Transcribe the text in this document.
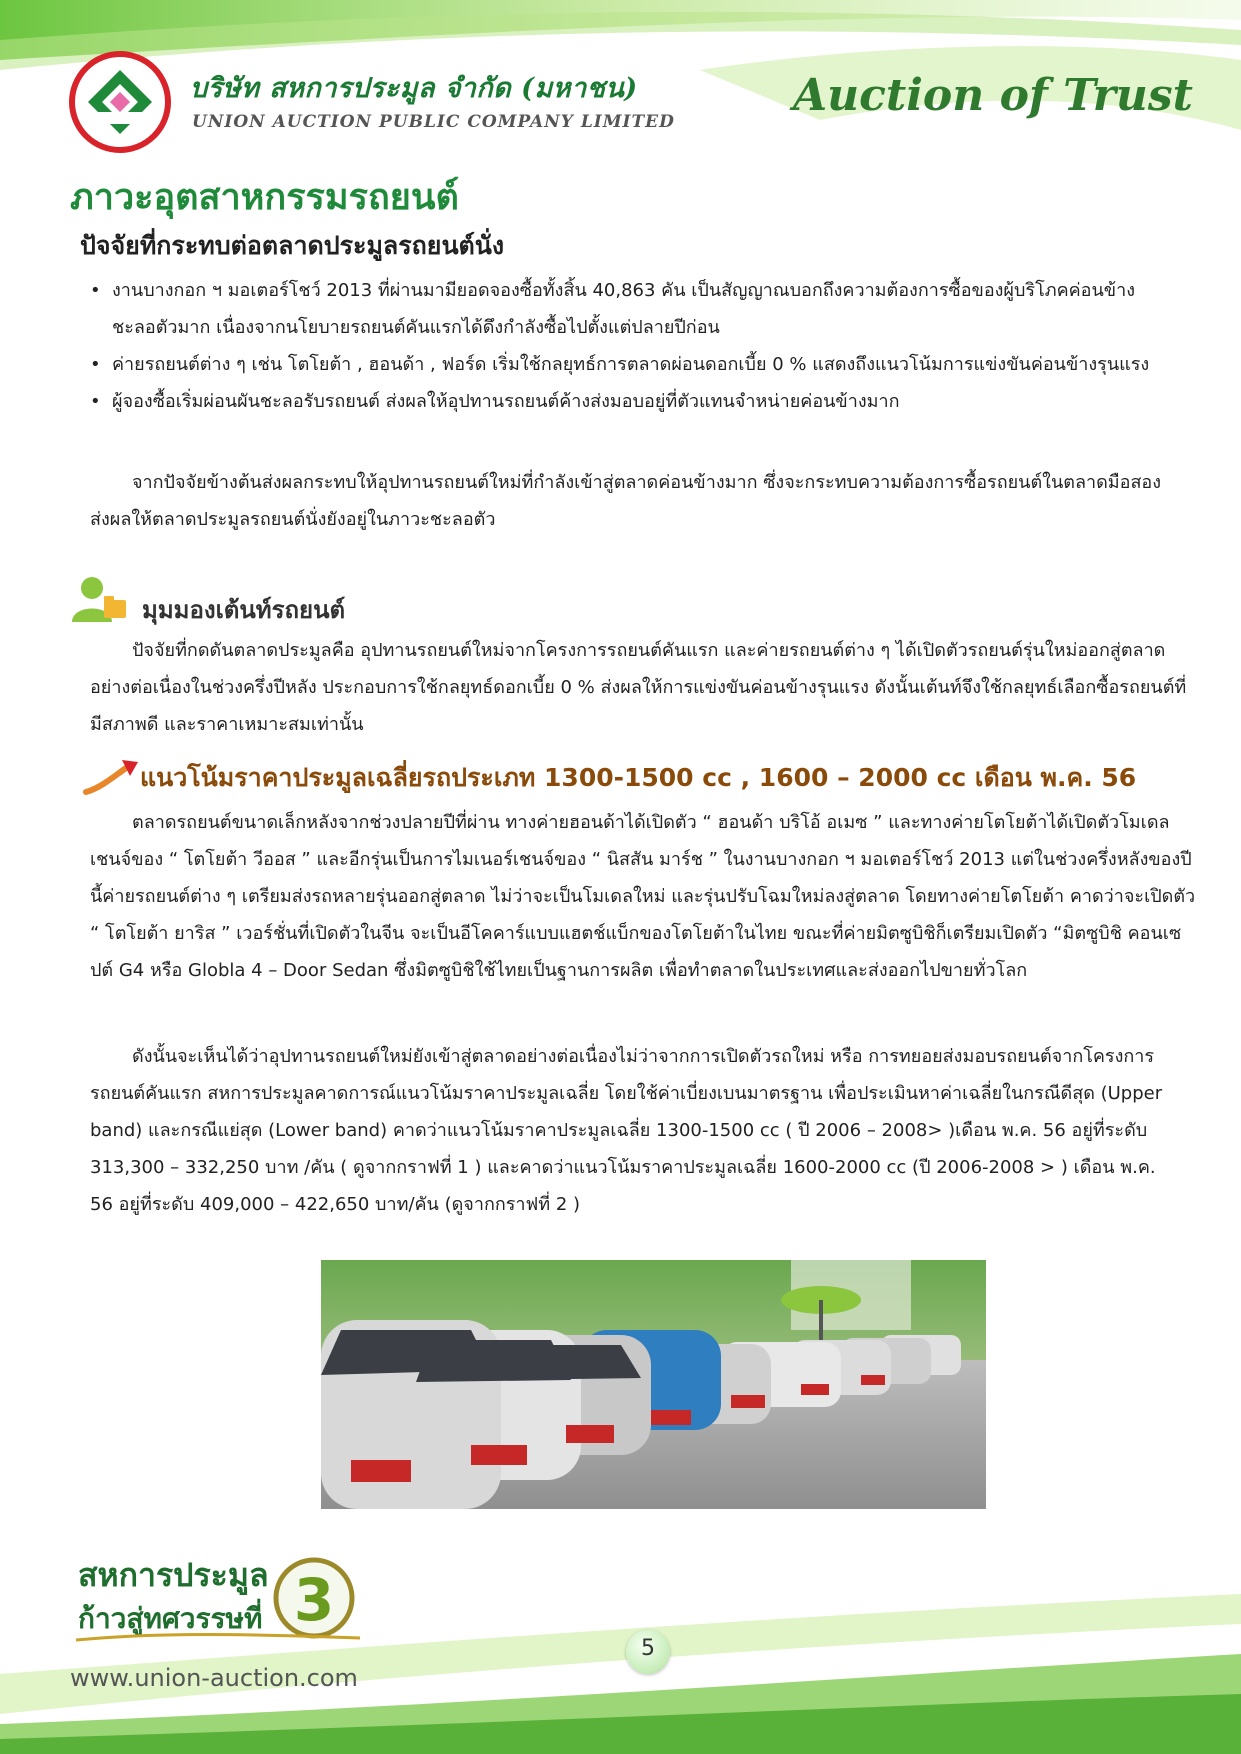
บริษัท สหการประมูล จำกัด (มหาชน)
UNION AUCTION PUBLIC COMPANY LIMITED
Auction of Trust
ภาวะอุตสาหกรรมรถยนต์
ปัจจัยที่กระทบต่อตลาดประมูลรถยนต์นั่ง
• งานบางกอก ฯ มอเตอร์โชว์ 2013 ที่ผ่านมามียอดจองซื้อทั้งสิ้น 40,863 คัน เป็นสัญญาณบอกถึงความต้องการซื้อของผู้บริโภคค่อนข้างชะลอตัวมาก เนื่องจากนโยบายรถยนต์คันแรกได้ดึงกำลังซื้อไปตั้งแต่ปลายปีก่อน
• ค่ายรถยนต์ต่าง ๆ เช่น โตโยต้า , ฮอนด้า , ฟอร์ด เริ่มใช้กลยุทธ์การตลาดผ่อนดอกเบี้ย 0 % แสดงถึงแนวโน้มการแข่งขันค่อนข้างรุนแรง
• ผู้จองซื้อเริ่มผ่อนผันชะลอรับรถยนต์ ส่งผลให้อุปทานรถยนต์ค้างส่งมอบอยู่ที่ตัวแทนจำหน่ายค่อนข้างมาก
จากปัจจัยข้างต้นส่งผลกระทบให้อุปทานรถยนต์ใหม่ที่กำลังเข้าสู่ตลาดค่อนข้างมาก ซึ่งจะกระทบความต้องการซื้อรถยนต์ในตลาดมือสอง ส่งผลให้ตลาดประมูลรถยนต์นั่งยังอยู่ในภาวะชะลอตัว
มุมมองเต้นท์รถยนต์
ปัจจัยที่กดดันตลาดประมูลคือ อุปทานรถยนต์ใหม่จากโครงการรถยนต์คันแรก และค่ายรถยนต์ต่าง ๆ ได้เปิดตัวรถยนต์รุ่นใหม่ออกสู่ตลาดอย่างต่อเนื่องในช่วงครึ่งปีหลัง ประกอบการใช้กลยุทธ์ดอกเบี้ย 0 % ส่งผลให้การแข่งขันค่อนข้างรุนแรง ดังนั้นเต้นท์จึงใช้กลยุทธ์เลือกซื้อรถยนต์ที่มีสภาพดี และราคาเหมาะสมเท่านั้น
แนวโน้มราคาประมูลเฉลี่ยรถประเภท 1300-1500 cc , 1600 – 2000 cc เดือน พ.ค. 56
ตลาดรถยนต์ขนาดเล็กหลังจากช่วงปลายปีที่ผ่าน ทางค่ายฮอนด้าได้เปิดตัว “ ฮอนด้า บริโอ้ อเมซ ” และทางค่ายโตโยต้าได้เปิดตัวโมเดลเชนจ์ของ “ โตโยต้า วีออส ” และอีกรุ่นเป็นการไมเนอร์เชนจ์ของ “ นิสสัน มาร์ช ” ในงานบางกอก ฯ มอเตอร์โชว์ 2013 แต่ในช่วงครึ่งหลังของปีนี้ค่ายรถยนต์ต่าง ๆ เตรียมส่งรถหลายรุ่นออกสู่ตลาด ไม่ว่าจะเป็นโมเดลใหม่ และรุ่นปรับโฉมใหม่ลงสู่ตลาด โดยทางค่ายโตโยต้า คาดว่าจะเปิดตัว “ โตโยต้า ยาริส ” เวอร์ชั่นที่เปิดตัวในจีน จะเป็นอีโคคาร์แบบแฮตช์แบ็กของโตโยต้าในไทย ขณะที่ค่ายมิตซูบิชิก็เตรียมเปิดตัว “มิตซูบิชิ คอนเซปต์ G4 หรือ Globla 4 – Door Sedan ซึ่งมิตซูบิชิใช้ไทยเป็นฐานการผลิต เพื่อทำตลาดในประเทศและส่งออกไปขายทั่วโลก
ดังนั้นจะเห็นได้ว่าอุปทานรถยนต์ใหม่ยังเข้าสู่ตลาดอย่างต่อเนื่องไม่ว่าจากการเปิดตัวรถใหม่ หรือ การทยอยส่งมอบรถยนต์จากโครงการรถยนต์คันแรก สหการประมูลคาดการณ์แนวโน้มราคาประมูลเฉลี่ย โดยใช้ค่าเบี่ยงเบนมาตรฐาน เพื่อประเมินหาค่าเฉลี่ยในกรณีดีสุด (Upper band) และกรณีแย่สุด (Lower band) คาดว่าแนวโน้มราคาประมูลเฉลี่ย 1300-1500 cc ( ปี 2006 – 2008> )เดือน พ.ค. 56 อยู่ที่ระดับ 313,300 – 332,250 บาท /คัน ( ดูจากกราฟที่ 1 ) และคาดว่าแนวโน้มราคาประมูลเฉลี่ย 1600-2000 cc (ปี 2006-2008 > ) เดือน พ.ค. 56 อยู่ที่ระดับ 409,000 – 422,650 บาท/คัน (ดูจากกราฟที่ 2 )
สหการประมูล
ก้าวสู่ทศวรรษที่ 3
5
www.union-auction.com
